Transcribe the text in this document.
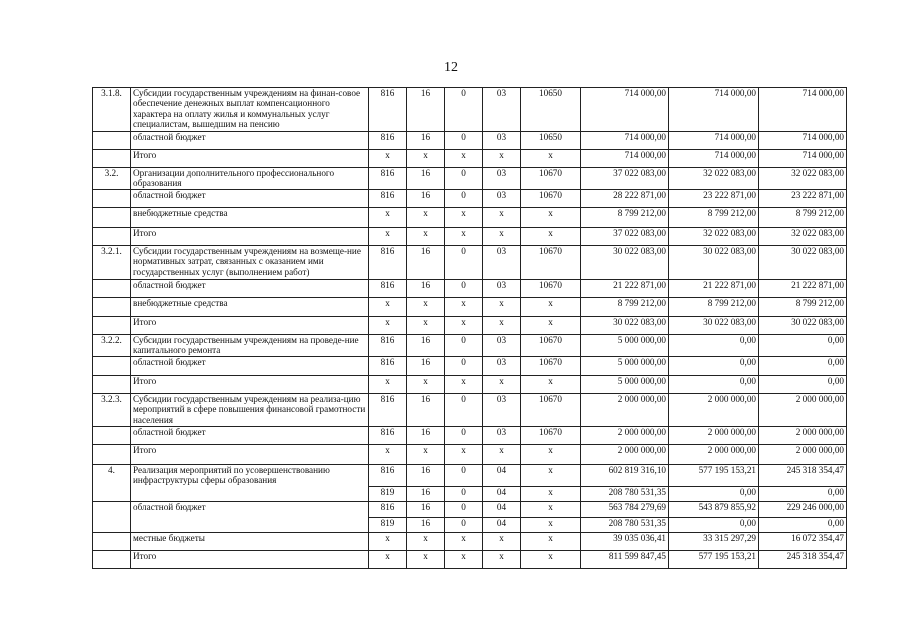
12
3.1.8.	Субсидии государственным учреждениям на финан-совое обеспечение денежных выплат компенсационного характера на оплату жилья и коммунальных услуг специалистам, вышедшим на пенсию	816	16	0	03	10650	714 000,00	714 000,00	714 000,00
	областной бюджет	816	16	0	03	10650	714 000,00	714 000,00	714 000,00
	Итого	х	х	х	х	х	714 000,00	714 000,00	714 000,00
3.2.	Организации дополнительного профессионального образования	816	16	0	03	10670	37 022 083,00	32 022 083,00	32 022 083,00
	областной бюджет	816	16	0	03	10670	28 222 871,00	23 222 871,00	23 222 871,00
	внебюджетные средства	х	х	х	х	х	8 799 212,00	8 799 212,00	8 799 212,00
	Итого	х	х	х	х	х	37 022 083,00	32 022 083,00	32 022 083,00
3.2.1.	Субсидии государственным учреждениям на возмеще-ние нормативных затрат, связанных с оказанием ими государственных услуг (выполнением работ)	816	16	0	03	10670	30 022 083,00	30 022 083,00	30 022 083,00
	областной бюджет	816	16	0	03	10670	21 222 871,00	21 222 871,00	21 222 871,00
	внебюджетные средства	х	х	х	х	х	8 799 212,00	8 799 212,00	8 799 212,00
	Итого	х	х	х	х	х	30 022 083,00	30 022 083,00	30 022 083,00
3.2.2.	Субсидии государственным учреждениям на проведе-ние капитального ремонта	816	16	0	03	10670	5 000 000,00	0,00	0,00
	областной бюджет	816	16	0	03	10670	5 000 000,00	0,00	0,00
	Итого	х	х	х	х	х	5 000 000,00	0,00	0,00
3.2.3.	Субсидии государственным учреждениям на реализа-цию мероприятий в сфере повышения финансовой грамотности населения	816	16	0	03	10670	2 000 000,00	2 000 000,00	2 000 000,00
	областной бюджет	816	16	0	03	10670	2 000 000,00	2 000 000,00	2 000 000,00
	Итого	х	х	х	х	х	2 000 000,00	2 000 000,00	2 000 000,00
4.	Реализация мероприятий по усовершенствованию инфраструктуры сферы образования	816	16	0	04	х	602 819 316,10	577 195 153,21	245 318 354,47
		819	16	0	04	х	208 780 531,35	0,00	0,00
	областной бюджет	816	16	0	04	х	563 784 279,69	543 879 855,92	229 246 000,00
		819	16	0	04	х	208 780 531,35	0,00	0,00
	местные бюджеты	х	х	х	х	х	39 035 036,41	33 315 297,29	16 072 354,47
	Итого	х	х	х	х	х	811 599 847,45	577 195 153,21	245 318 354,47
